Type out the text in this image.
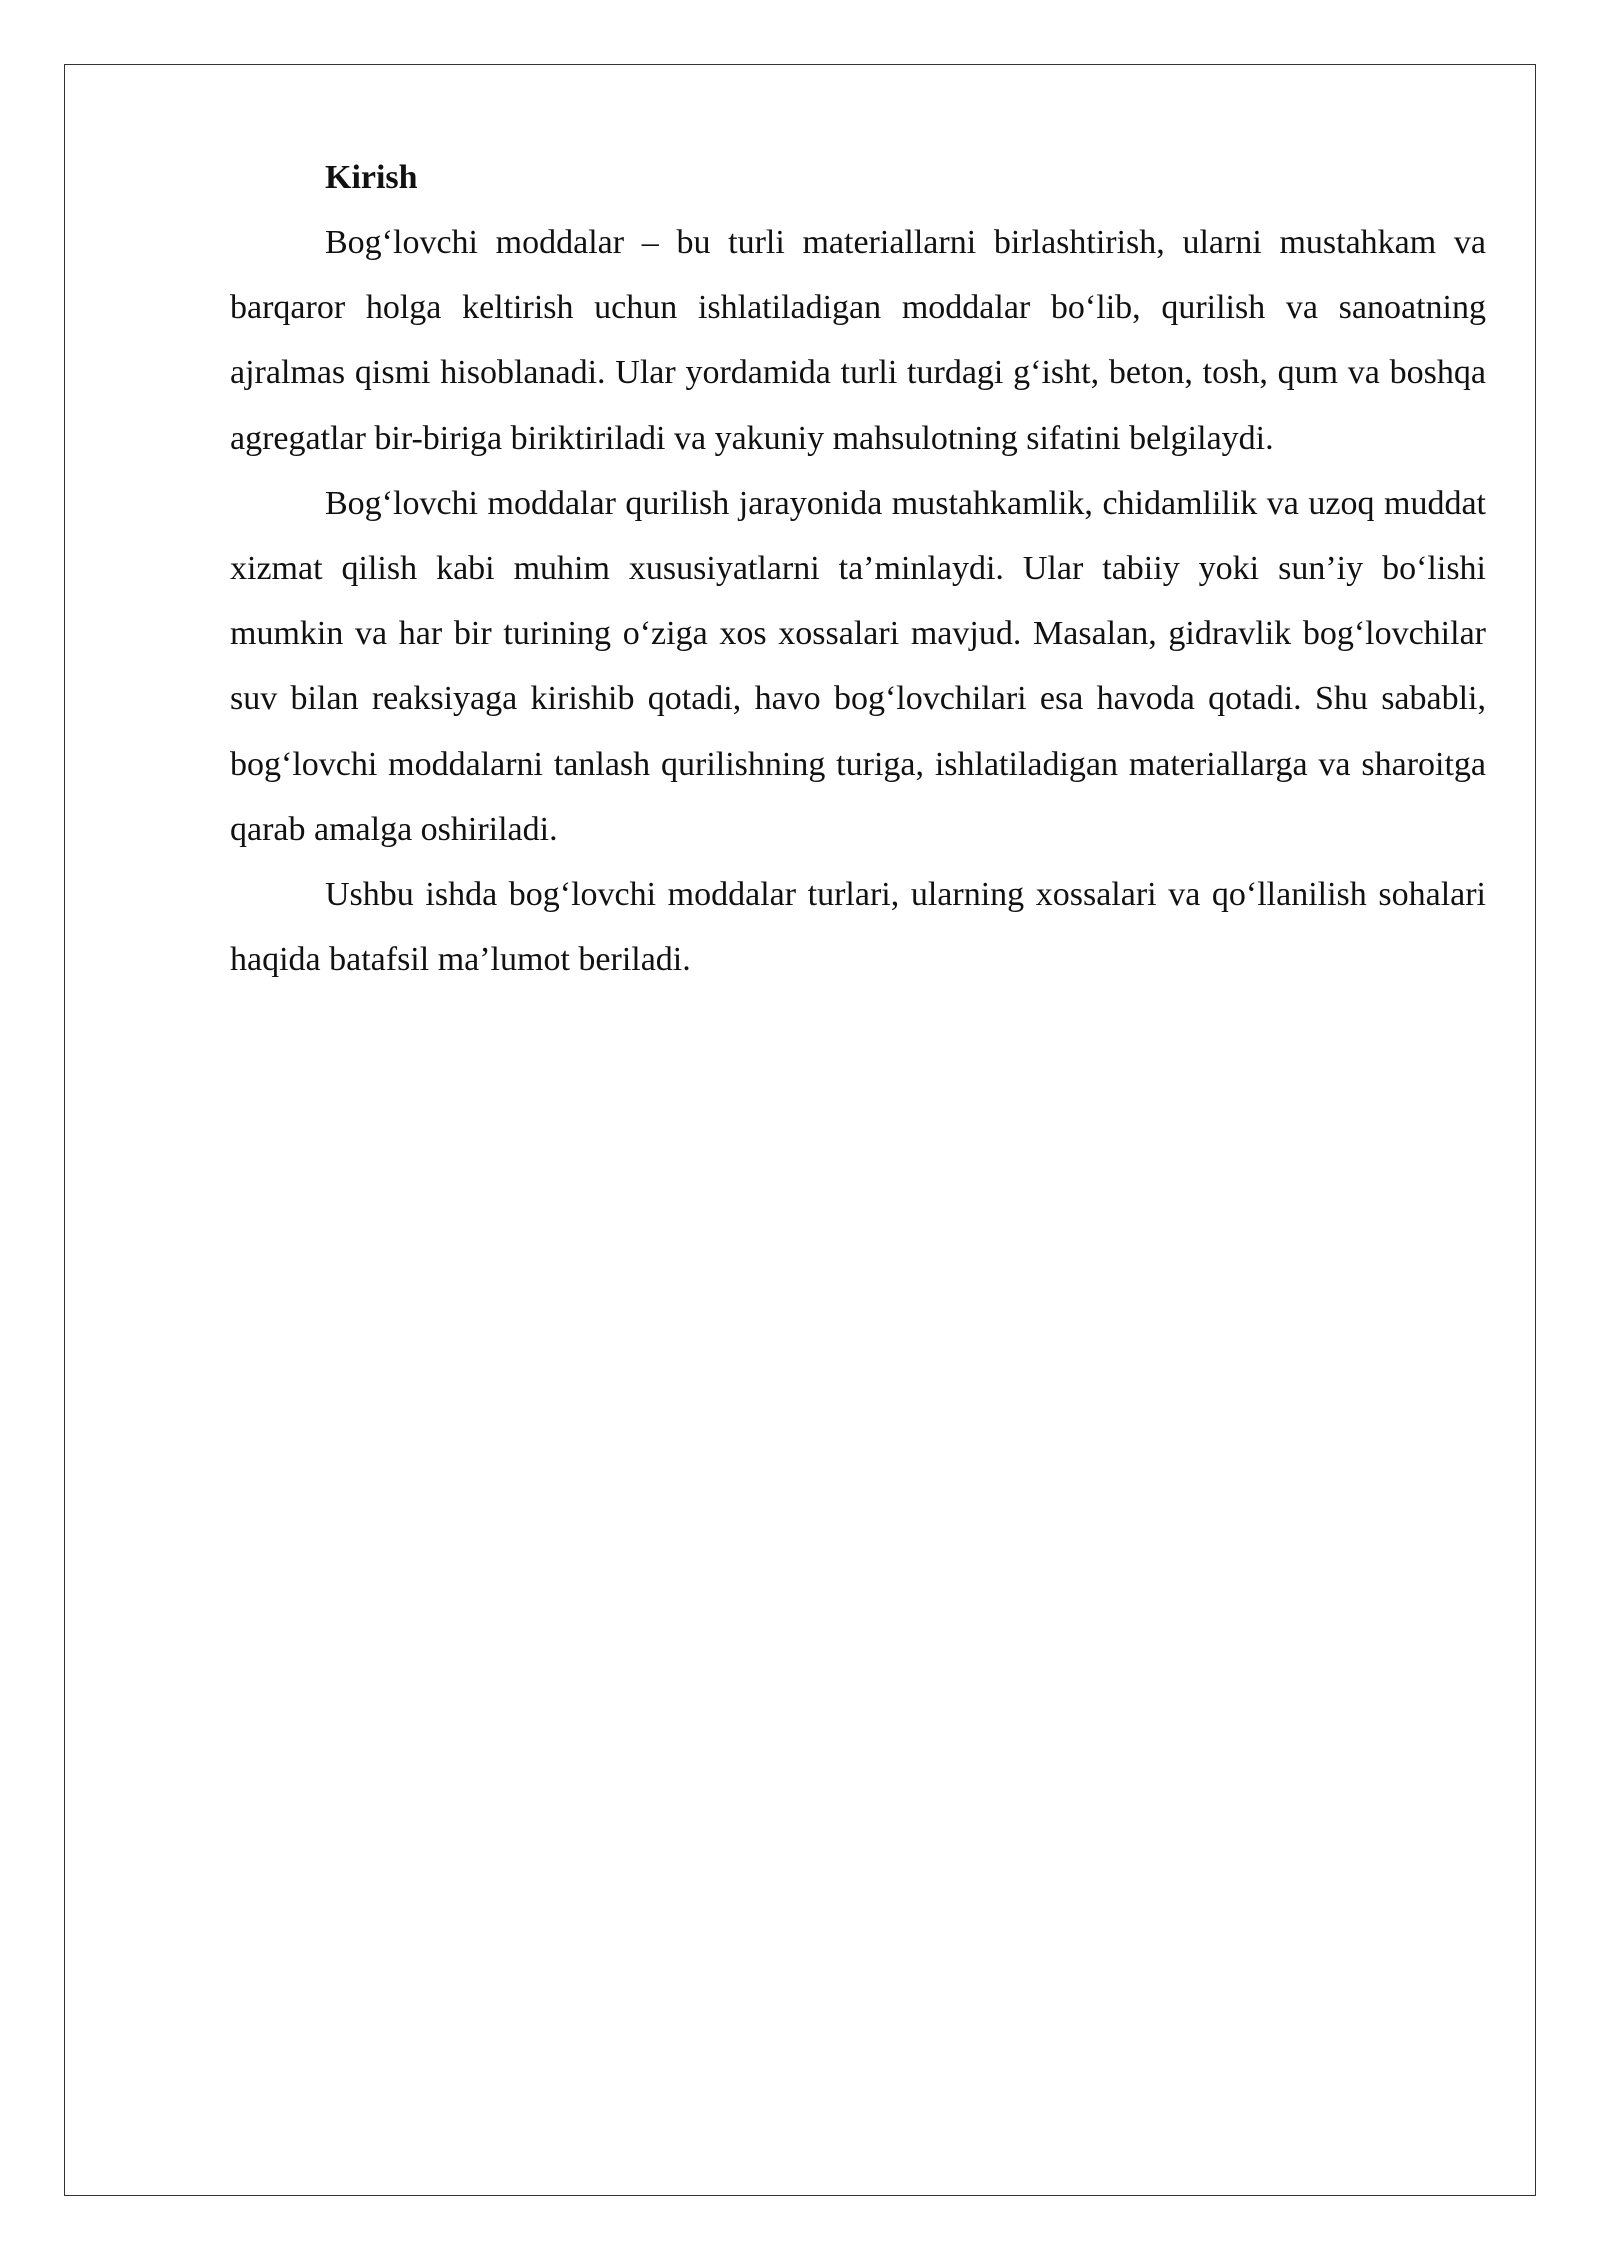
Kirish

Bog‘lovchi moddalar – bu turli materiallarni birlashtirish, ularni mustahkam va barqaror holga keltirish uchun ishlatiladigan moddalar bo‘lib, qurilish va sanoatning ajralmas qismi hisoblanadi. Ular yordamida turli turdagi g‘isht, beton, tosh, qum va boshqa agregatlar bir-biriga biriktiriladi va yakuniy mahsulotning sifatini belgilaydi.

Bog‘lovchi moddalar qurilish jarayonida mustahkamlik, chidamlilik va uzoq muddat xizmat qilish kabi muhim xususiyatlarni ta’minlaydi. Ular tabiiy yoki sun’iy bo‘lishi mumkin va har bir turining o‘ziga xos xossalari mavjud. Masalan, gidravlik bog‘lovchilar suv bilan reaksiyaga kirishib qotadi, havo bog‘lovchilari esa havoda qotadi. Shu sababli, bog‘lovchi moddalarni tanlash qurilishning turiga, ishlatiladigan materiallarga va sharoitga qarab amalga oshiriladi.

Ushbu ishda bog‘lovchi moddalar turlari, ularning xossalari va qo‘llanilish sohalari haqida batafsil ma’lumot beriladi.
